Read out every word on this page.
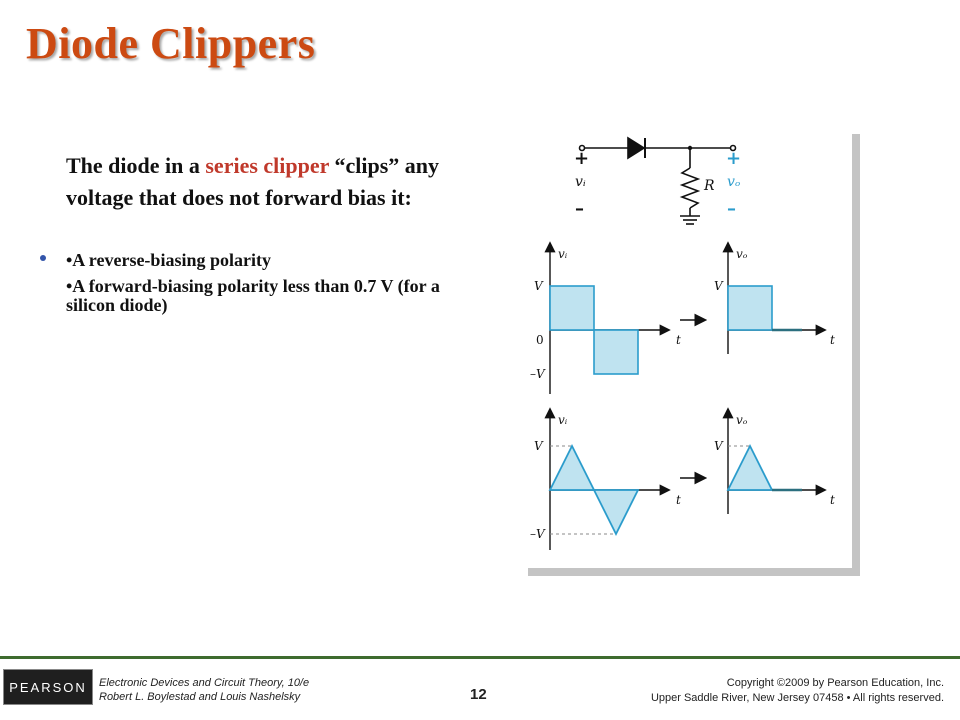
Diode Clippers
The diode in a series clipper “clips” any voltage that does not forward bias it:
•A reverse-biasing polarity
•A forward-biasing polarity less than 0.7 V (for a silicon diode)
+
vᵢ
–
R
+
vₒ
–
vᵢ
V
0
–V
t
vₒ
V
t
vᵢ
V
–V
t
vₒ
V
t
PEARSON	Electronic Devices and Circuit Theory, 10/e
Robert L. Boylestad and Louis Nashelsky	12
Copyright ©2009 by Pearson Education, Inc.
Upper Saddle River, New Jersey 07458 • All rights reserved.
